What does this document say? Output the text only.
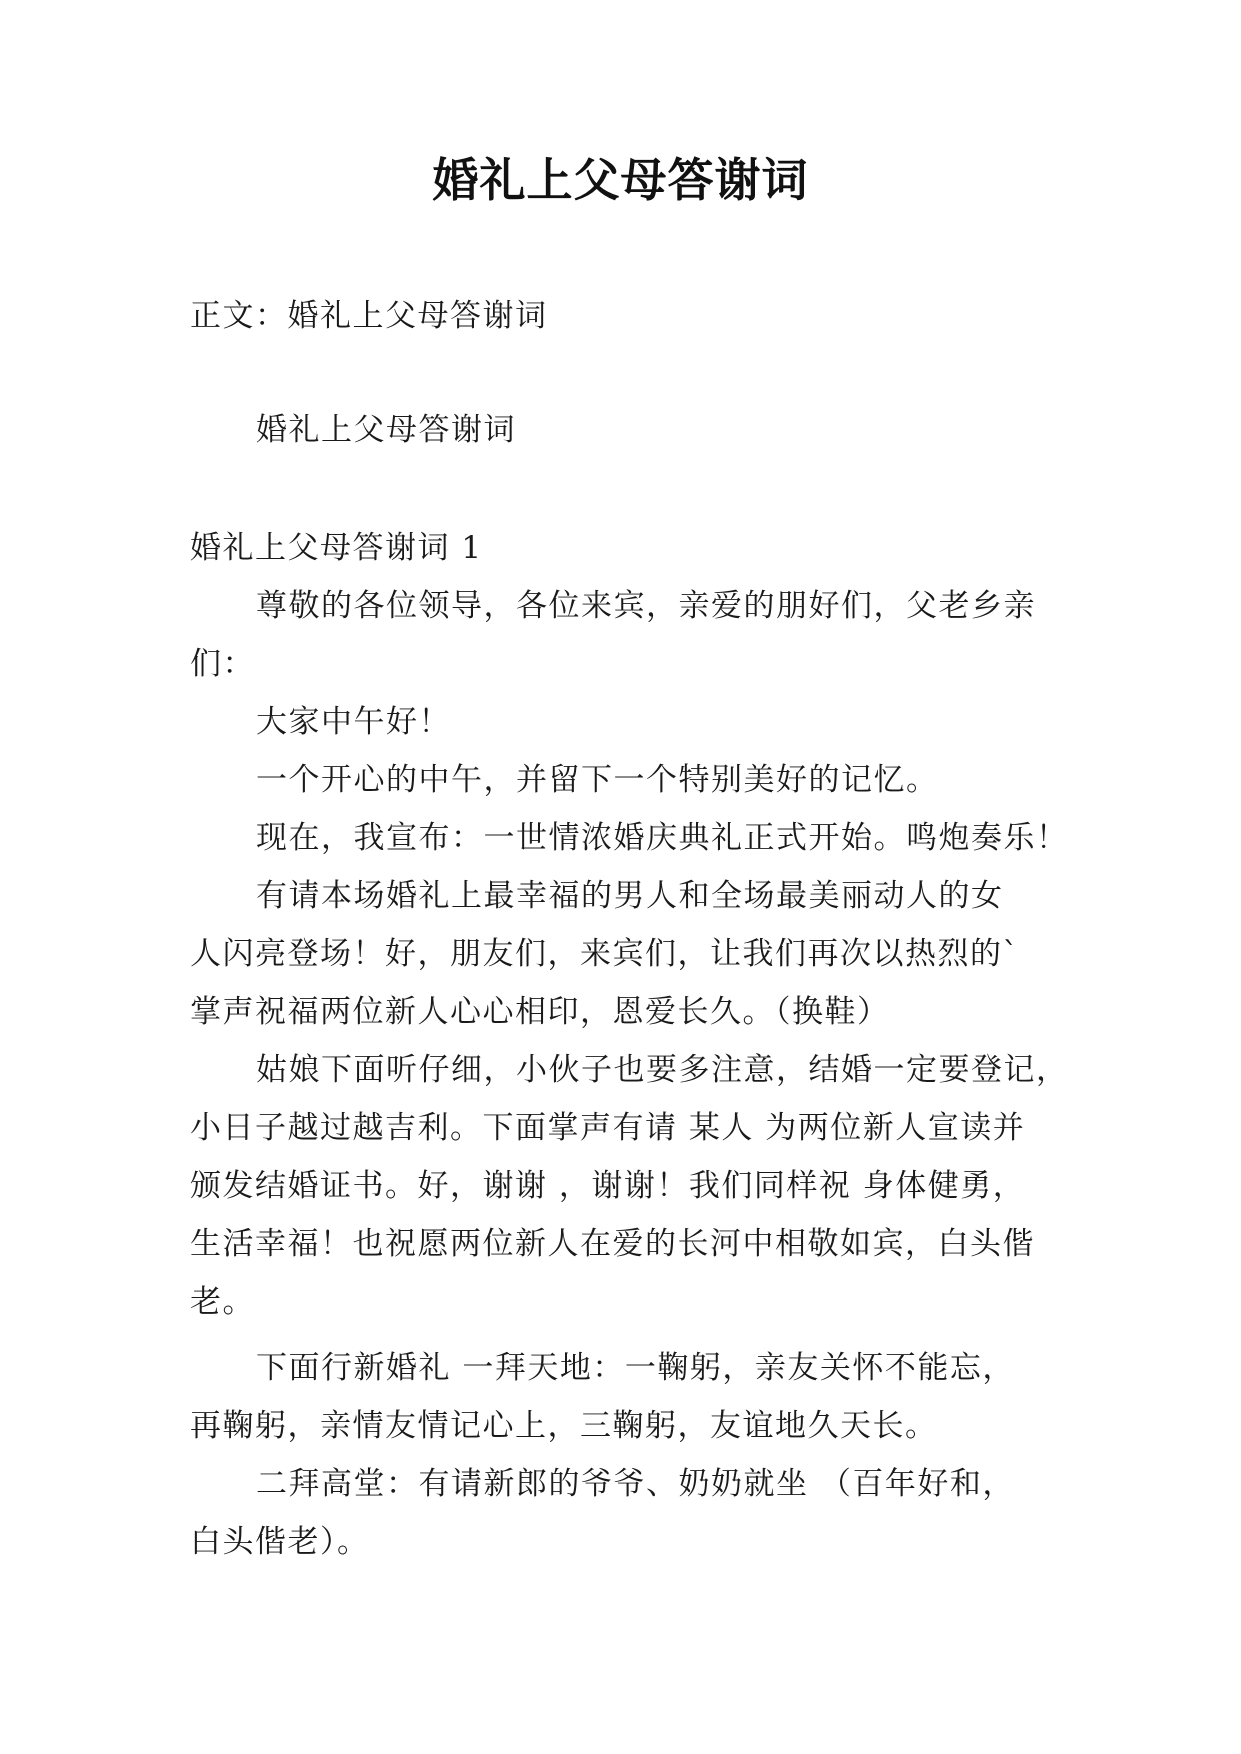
婚礼上父母答谢词
正文：婚礼上父母答谢词
婚礼上父母答谢词
婚礼上父母答谢词 1
尊敬的各位领导，各位来宾，亲爱的朋好们，父老乡亲
们：
大家中午好！
一个开心的中午，并留下一个特别美好的记忆。
现在，我宣布：一世情浓婚庆典礼正式开始。鸣炮奏乐！
有请本场婚礼上最幸福的男人和全场最美丽动人的女
人闪亮登场！好，朋友们，来宾们，让我们再次以热烈的`
掌声祝福两位新人心心相印，恩爱长久。（换鞋）
姑娘下面听仔细，小伙子也要多注意，结婚一定要登记，
小日子越过越吉利。下面掌声有请 某人 为两位新人宣读并
颁发结婚证书。好，谢谢 ，谢谢！我们同样祝 身体健勇，
生活幸福！也祝愿两位新人在爱的长河中相敬如宾，白头偕
老。
下面行新婚礼 一拜天地：一鞠躬，亲友关怀不能忘，
再鞠躬，亲情友情记心上，三鞠躬，友谊地久天长。
二拜高堂：有请新郎的爷爷、奶奶就坐 （百年好和，
白头偕老）。
